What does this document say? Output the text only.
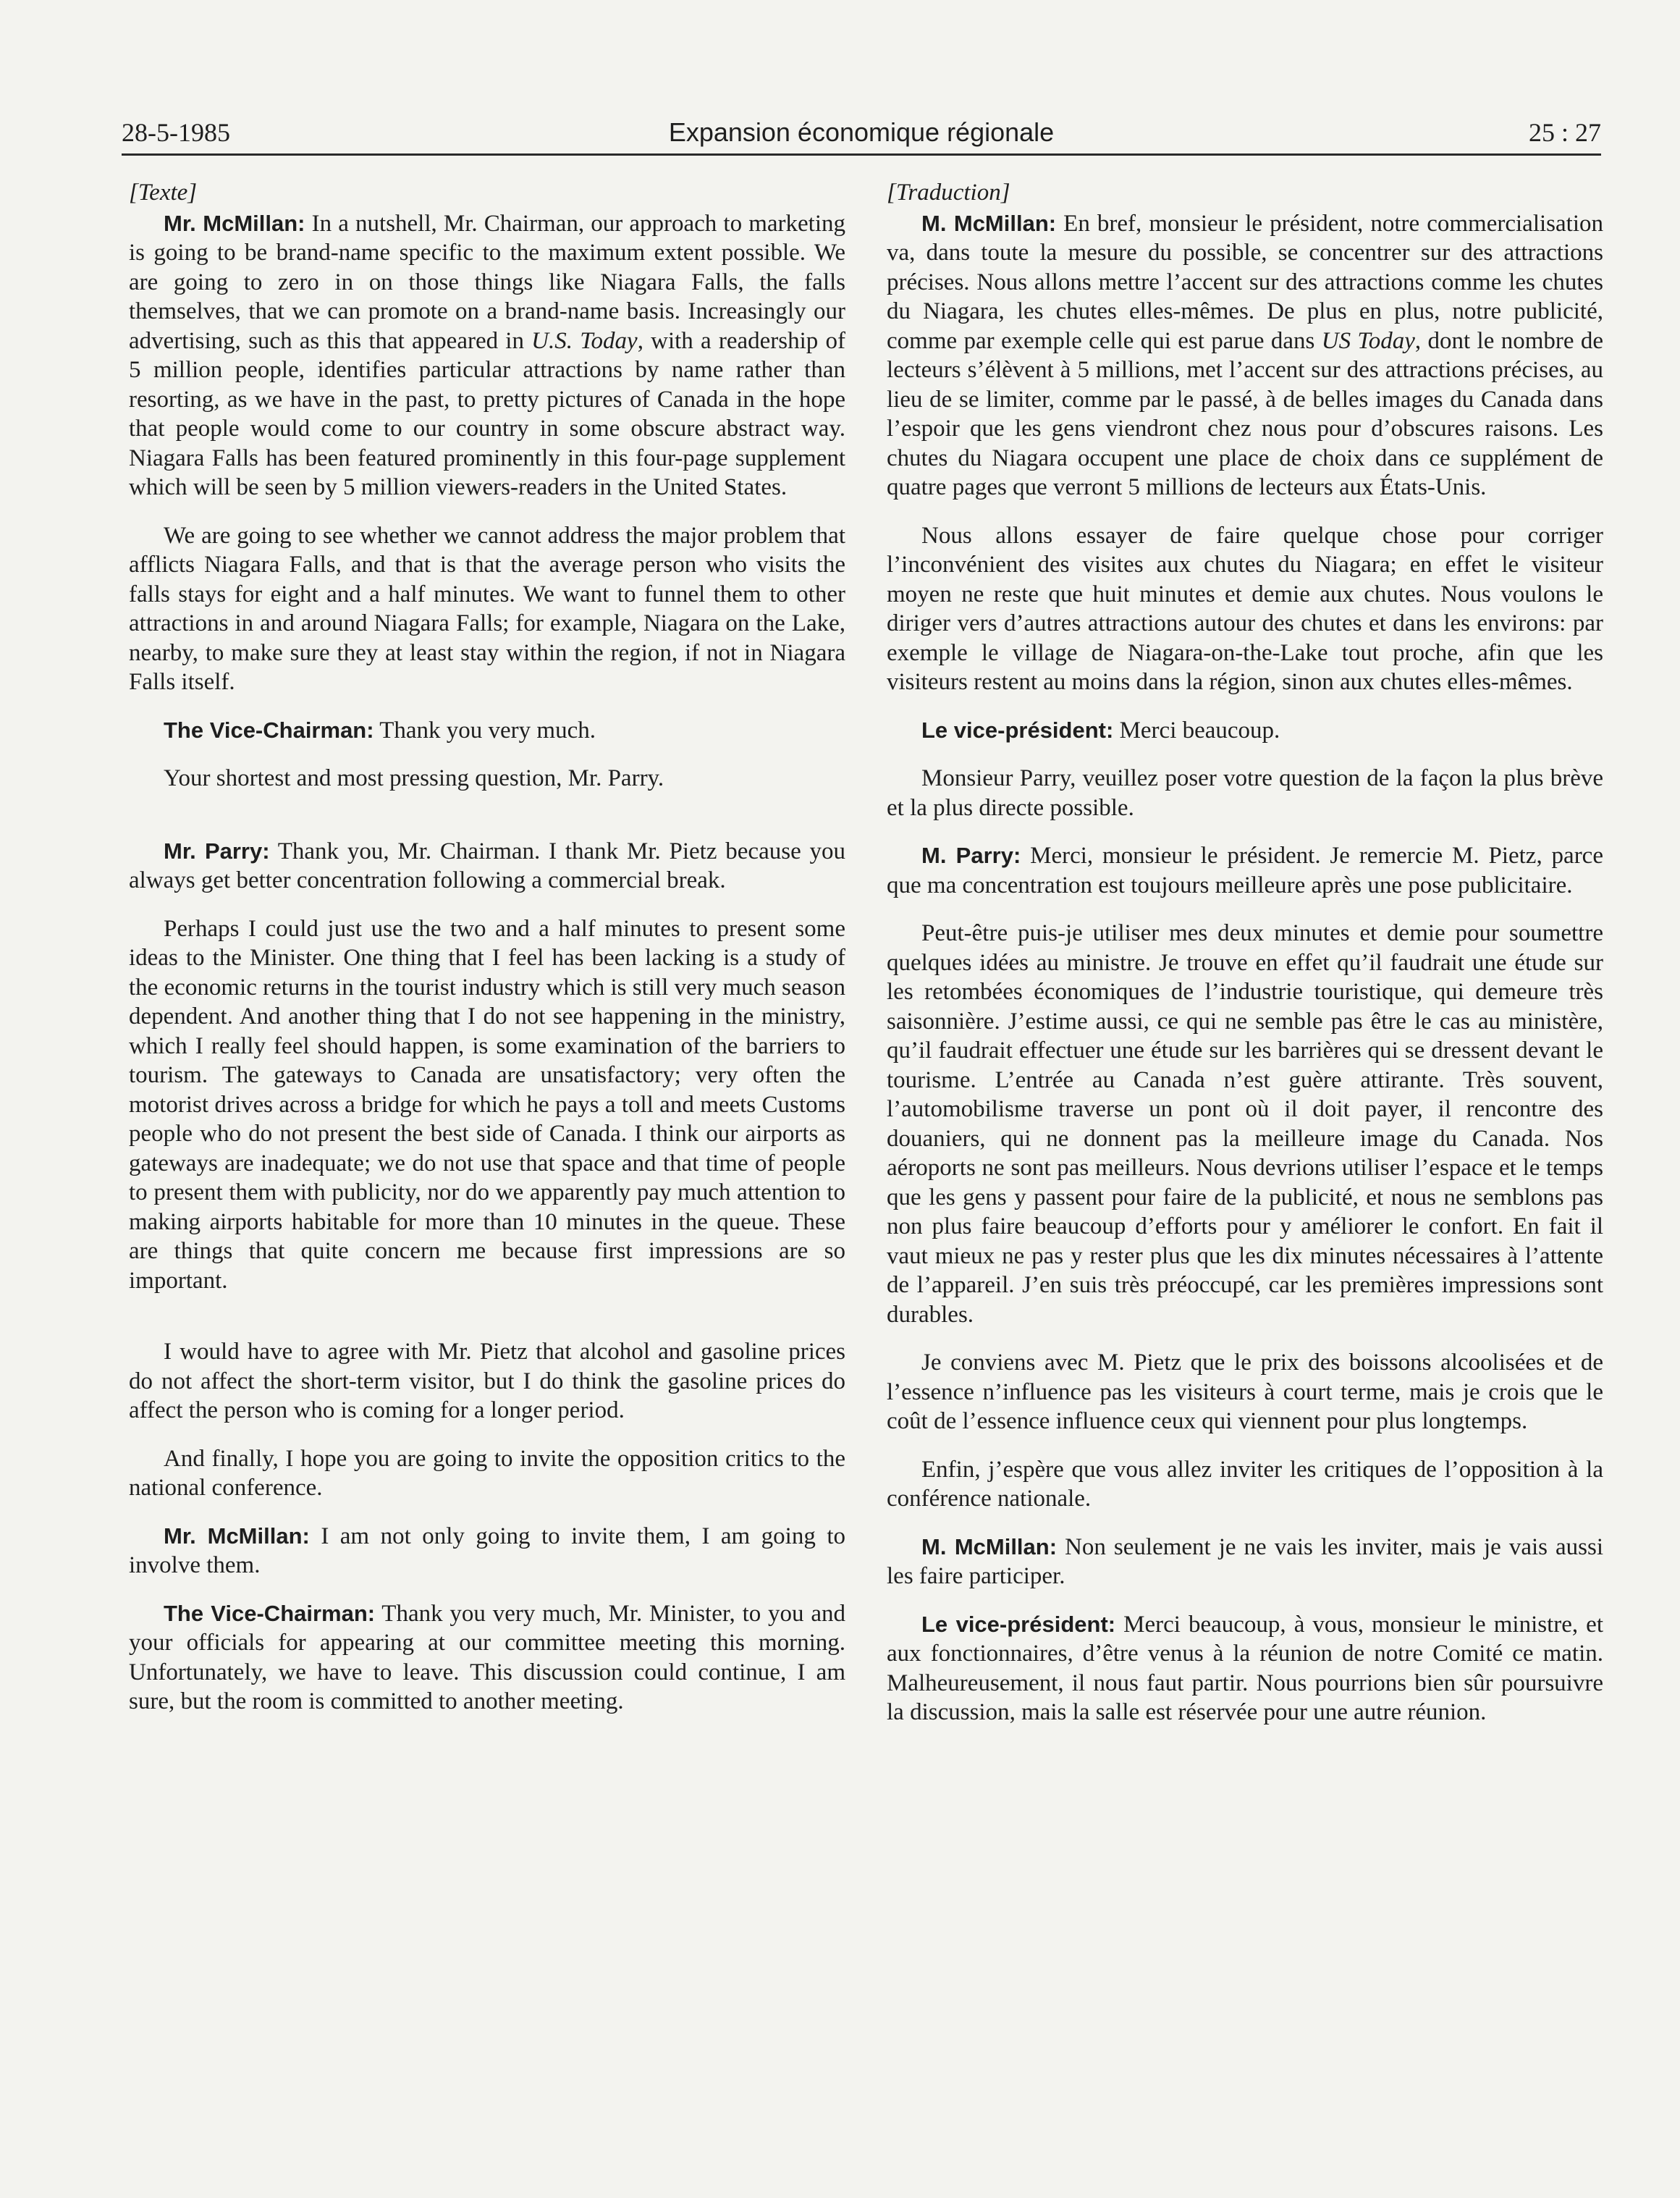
28-5-1985	Expansion économique régionale	25 : 27

[Texte]

Mr. McMillan: In a nutshell, Mr. Chairman, our approach to marketing is going to be brand-name specific to the maximum extent possible. We are going to zero in on those things like Niagara Falls, the falls themselves, that we can promote on a brand-name basis. Increasingly our advertising, such as this that appeared in U.S. Today, with a readership of 5 million people, identifies particular attractions by name rather than resorting, as we have in the past, to pretty pictures of Canada in the hope that people would come to our country in some obscure abstract way. Niagara Falls has been featured prominently in this four-page supplement which will be seen by 5 million viewers-readers in the United States.

We are going to see whether we cannot address the major problem that afflicts Niagara Falls, and that is that the average person who visits the falls stays for eight and a half minutes. We want to funnel them to other attractions in and around Niagara Falls; for example, Niagara on the Lake, nearby, to make sure they at least stay within the region, if not in Niagara Falls itself.

The Vice-Chairman: Thank you very much.

Your shortest and most pressing question, Mr. Parry.

Mr. Parry: Thank you, Mr. Chairman. I thank Mr. Pietz because you always get better concentration following a commercial break.

Perhaps I could just use the two and a half minutes to present some ideas to the Minister. One thing that I feel has been lacking is a study of the economic returns in the tourist industry which is still very much season dependent. And another thing that I do not see happening in the ministry, which I really feel should happen, is some examination of the barriers to tourism. The gateways to Canada are unsatisfactory; very often the motorist drives across a bridge for which he pays a toll and meets Customs people who do not present the best side of Canada. I think our airports as gateways are inadequate; we do not use that space and that time of people to present them with publicity, nor do we apparently pay much attention to making airports habitable for more than 10 minutes in the queue. These are things that quite concern me because first impressions are so important.

I would have to agree with Mr. Pietz that alcohol and gasoline prices do not affect the short-term visitor, but I do think the gasoline prices do affect the person who is coming for a longer period.

And finally, I hope you are going to invite the opposition critics to the national conference.

Mr. McMillan: I am not only going to invite them, I am going to involve them.

The Vice-Chairman: Thank you very much, Mr. Minister, to you and your officials for appearing at our committee meeting this morning. Unfortunately, we have to leave. This discussion could continue, I am sure, but the room is committed to another meeting.

[Traduction]

M. McMillan: En bref, monsieur le président, notre commercialisation va, dans toute la mesure du possible, se concentrer sur des attractions précises. Nous allons mettre l’accent sur des attractions comme les chutes du Niagara, les chutes elles-mêmes. De plus en plus, notre publicité, comme par exemple celle qui est parue dans US Today, dont le nombre de lecteurs s’élèvent à 5 millions, met l’accent sur des attractions précises, au lieu de se limiter, comme par le passé, à de belles images du Canada dans l’espoir que les gens viendront chez nous pour d’obscures raisons. Les chutes du Niagara occupent une place de choix dans ce supplément de quatre pages que verront 5 millions de lecteurs aux États-Unis.

Nous allons essayer de faire quelque chose pour corriger l’inconvénient des visites aux chutes du Niagara; en effet le visiteur moyen ne reste que huit minutes et demie aux chutes. Nous voulons le diriger vers d’autres attractions autour des chutes et dans les environs: par exemple le village de Niagara-on-the-Lake tout proche, afin que les visiteurs restent au moins dans la région, sinon aux chutes elles-mêmes.

Le vice-président: Merci beaucoup.

Monsieur Parry, veuillez poser votre question de la façon la plus brève et la plus directe possible.

M. Parry: Merci, monsieur le président. Je remercie M. Pietz, parce que ma concentration est toujours meilleure après une pose publicitaire.

Peut-être puis-je utiliser mes deux minutes et demie pour soumettre quelques idées au ministre. Je trouve en effet qu’il faudrait une étude sur les retombées économiques de l’industrie touristique, qui demeure très saisonnière. J’estime aussi, ce qui ne semble pas être le cas au ministère, qu’il faudrait effectuer une étude sur les barrières qui se dressent devant le tourisme. L’entrée au Canada n’est guère attirante. Très souvent, l’automobilisme traverse un pont où il doit payer, il rencontre des douaniers, qui ne donnent pas la meilleure image du Canada. Nos aéroports ne sont pas meilleurs. Nous devrions utiliser l’espace et le temps que les gens y passent pour faire de la publicité, et nous ne semblons pas non plus faire beaucoup d’efforts pour y améliorer le confort. En fait il vaut mieux ne pas y rester plus que les dix minutes nécessaires à l’attente de l’appareil. J’en suis très préoccupé, car les premières impressions sont durables.

Je conviens avec M. Pietz que le prix des boissons alcoolisées et de l’essence n’influence pas les visiteurs à court terme, mais je crois que le coût de l’essence influence ceux qui viennent pour plus longtemps.

Enfin, j’espère que vous allez inviter les critiques de l’opposition à la conférence nationale.

M. McMillan: Non seulement je ne vais les inviter, mais je vais aussi les faire participer.

Le vice-président: Merci beaucoup, à vous, monsieur le ministre, et aux fonctionnaires, d’être venus à la réunion de notre Comité ce matin. Malheureusement, il nous faut partir. Nous pourrions bien sûr poursuivre la discussion, mais la salle est réservée pour une autre réunion.
